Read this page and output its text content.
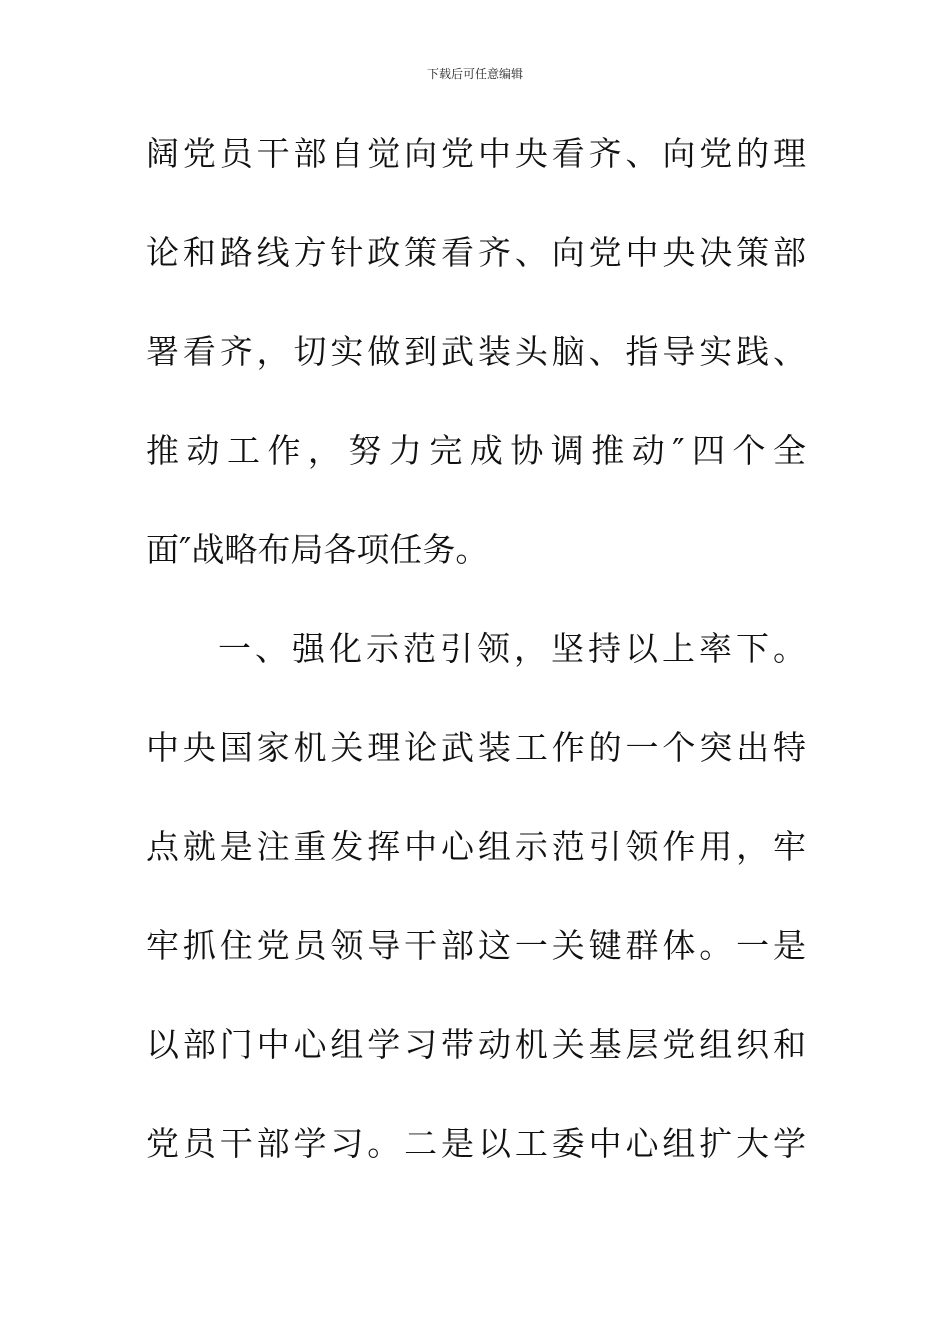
下载后可任意编辑
阔党员干部自觉向党中央看齐、向党的理
论和路线方针政策看齐、向党中央决策部
署看齐，切实做到武装头脑、指导实践、
推动工作，努力完成协调推动″四个全
面″战略布局各项任务。
一、强化示范引领，坚持以上率下。
中央国家机关理论武装工作的一个突出特
点就是注重发挥中心组示范引领作用，牢
牢抓住党员领导干部这一关键群体。一是
以部门中心组学习带动机关基层党组织和
党员干部学习。二是以工委中心组扩大学
